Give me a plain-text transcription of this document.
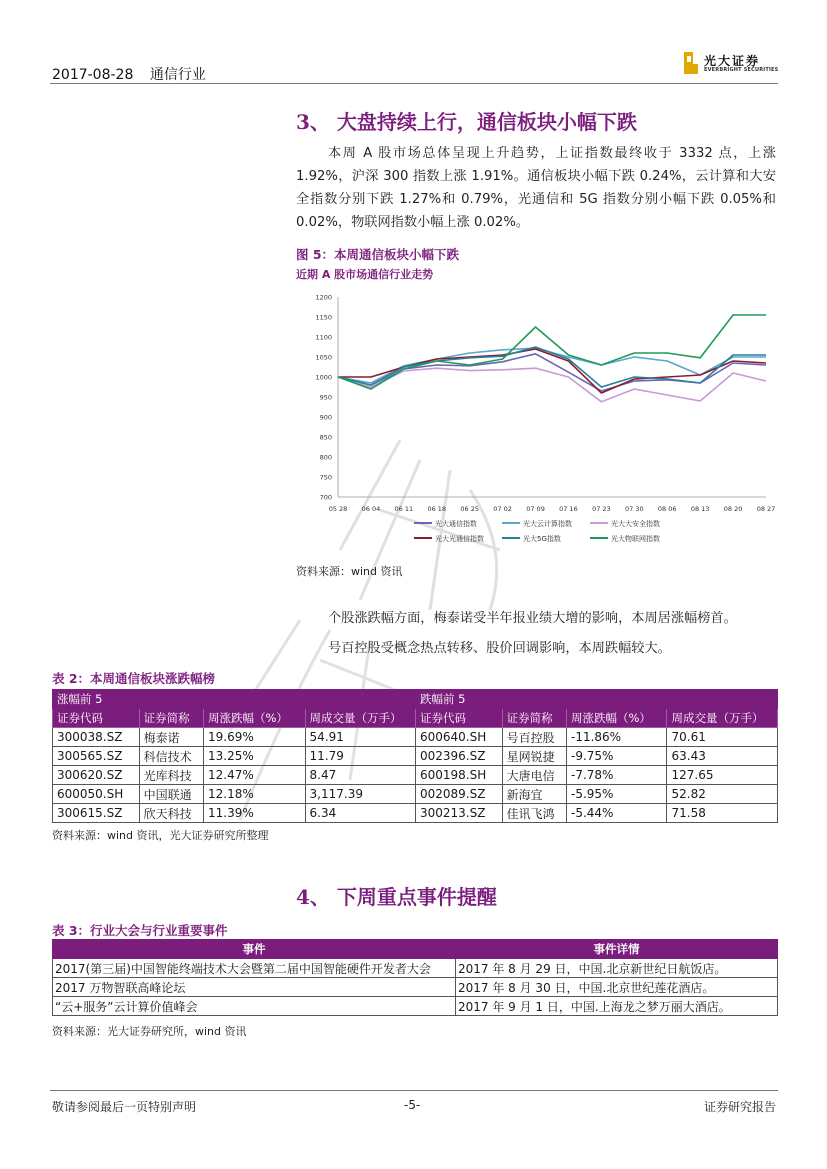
2017-08-28 通信行业
光大证券
EVERBRIGHT SECURITIES
3、 大盘持续上行，通信板块小幅下跌
本周 A 股市场总体呈现上升趋势，上证指数最终收于 3332 点，上涨 1.92%，沪深 300 指数上涨 1.91%。通信板块小幅下跌 0.24%，云计算和大安全指数分别下跌 1.27%和 0.79%，光通信和 5G 指数分别小幅下跌 0.05%和 0.02%，物联网指数小幅上涨 0.02%。
图 5：本周通信板块小幅下跌
近期 A 股市场通信行业走势
700
750
800
850
900
950
1000
1050
1100
1150
1200
05 28 06 04 06 11 06 18 06 25 07 02 07 09 07 16 07 23 07 30 08 06 08 13 08 20 08 27
光大通信指数	光大云计算指数	光大大安全指数
光大光通信指数	光大5G指数	光大物联网指数
资料来源：wind 资讯
个股涨跌幅方面，梅泰诺受半年报业绩大增的影响，本周居涨幅榜首。
号百控股受概念热点转移、股价回调影响，本周跌幅较大。
表 2：本周通信板块涨跌幅榜
涨幅前 5				跌幅前 5			
证券代码	证券简称	周涨跌幅（%）	周成交量（万手）	证券代码	证券简称	周涨跌幅（%）	周成交量（万手）
300038.SZ	梅泰诺	19.69%	54.91	600640.SH	号百控股	-11.86%	70.61
300565.SZ	科信技术	13.25%	11.79	002396.SZ	星网锐捷	-9.75%	63.43
300620.SZ	光库科技	12.47%	8.47	600198.SH	大唐电信	-7.78%	127.65
600050.SH	中国联通	12.18%	3,117.39	002089.SZ	新海宜	-5.95%	52.82
300615.SZ	欣天科技	11.39%	6.34	300213.SZ	佳讯飞鸿	-5.44%	71.58
资料来源：wind 资讯，光大证券研究所整理
4、 下周重点事件提醒
表 3：行业大会与行业重要事件
事件	事件详情
2017(第三届)中国智能终端技术大会暨第二届中国智能硬件开发者大会	2017 年 8 月 29 日，中国.北京新世纪日航饭店。
2017 万物智联高峰论坛	2017 年 8 月 30 日，中国.北京世纪莲花酒店。
“云+服务”云计算价值峰会	2017 年 9 月 1 日，中国.上海龙之梦万丽大酒店。
资料来源：光大证券研究所，wind 资讯
敬请参阅最后一页特别声明	-5-	证券研究报告
